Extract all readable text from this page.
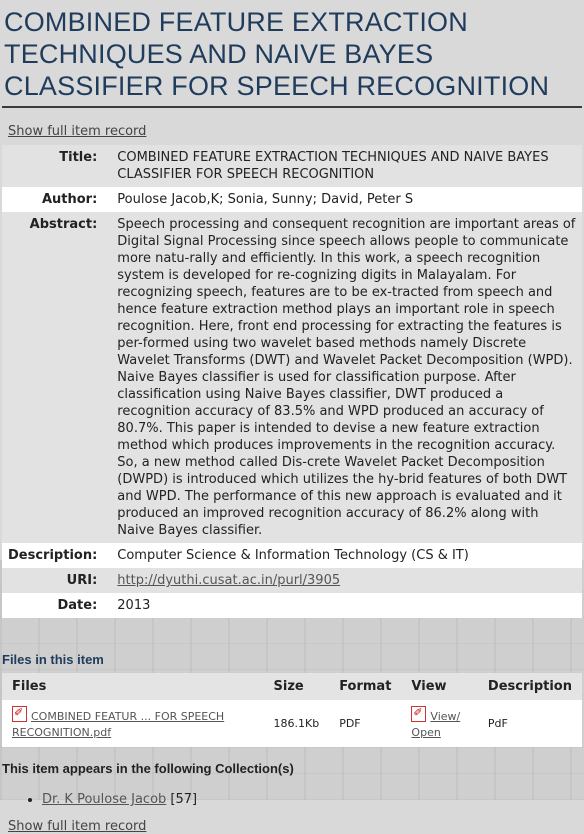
COMBINED FEATURE EXTRACTION TECHNIQUES AND NAIVE BAYES CLASSIFIER FOR SPEECH RECOGNITION
Show full item record
Title:	COMBINED FEATURE EXTRACTION TECHNIQUES AND NAIVE BAYES CLASSIFIER FOR SPEECH RECOGNITION
Author:	Poulose Jacob,K; Sonia, Sunny; David, Peter S
Abstract:	Speech processing and consequent recognition are important areas of Digital Signal Processing since speech allows people to communicate more natu-rally and efficiently. In this work, a speech recognition system is developed for re-cognizing digits in Malayalam. For recognizing speech, features are to be ex-tracted from speech and hence feature extraction method plays an important role in speech recognition. Here, front end processing for extracting the features is per-formed using two wavelet based methods namely Discrete Wavelet Transforms (DWT) and Wavelet Packet Decomposition (WPD). Naive Bayes classifier is used for classification purpose. After classification using Naive Bayes classifier, DWT produced a recognition accuracy of 83.5% and WPD produced an accuracy of 80.7%. This paper is intended to devise a new feature extraction method which produces improvements in the recognition accuracy. So, a new method called Dis-crete Wavelet Packet Decomposition (DWPD) is introduced which utilizes the hy-brid features of both DWT and WPD. The performance of this new approach is evaluated and it produced an improved recognition accuracy of 86.2% along with Naive Bayes classifier.
Description:	Computer Science & Information Technology (CS & IT)
URI:	http://dyuthi.cusat.ac.in/purl/3905
Date:	2013
Files in this item
Files	Size	Format	View	Description
✐COMBINED FEATUR ... FOR SPEECH RECOGNITION.pdf	186.1Kb	PDF	✐View/ Open	PdF
This item appears in the following Collection(s)
• Dr. K Poulose Jacob [57]
Show full item record
